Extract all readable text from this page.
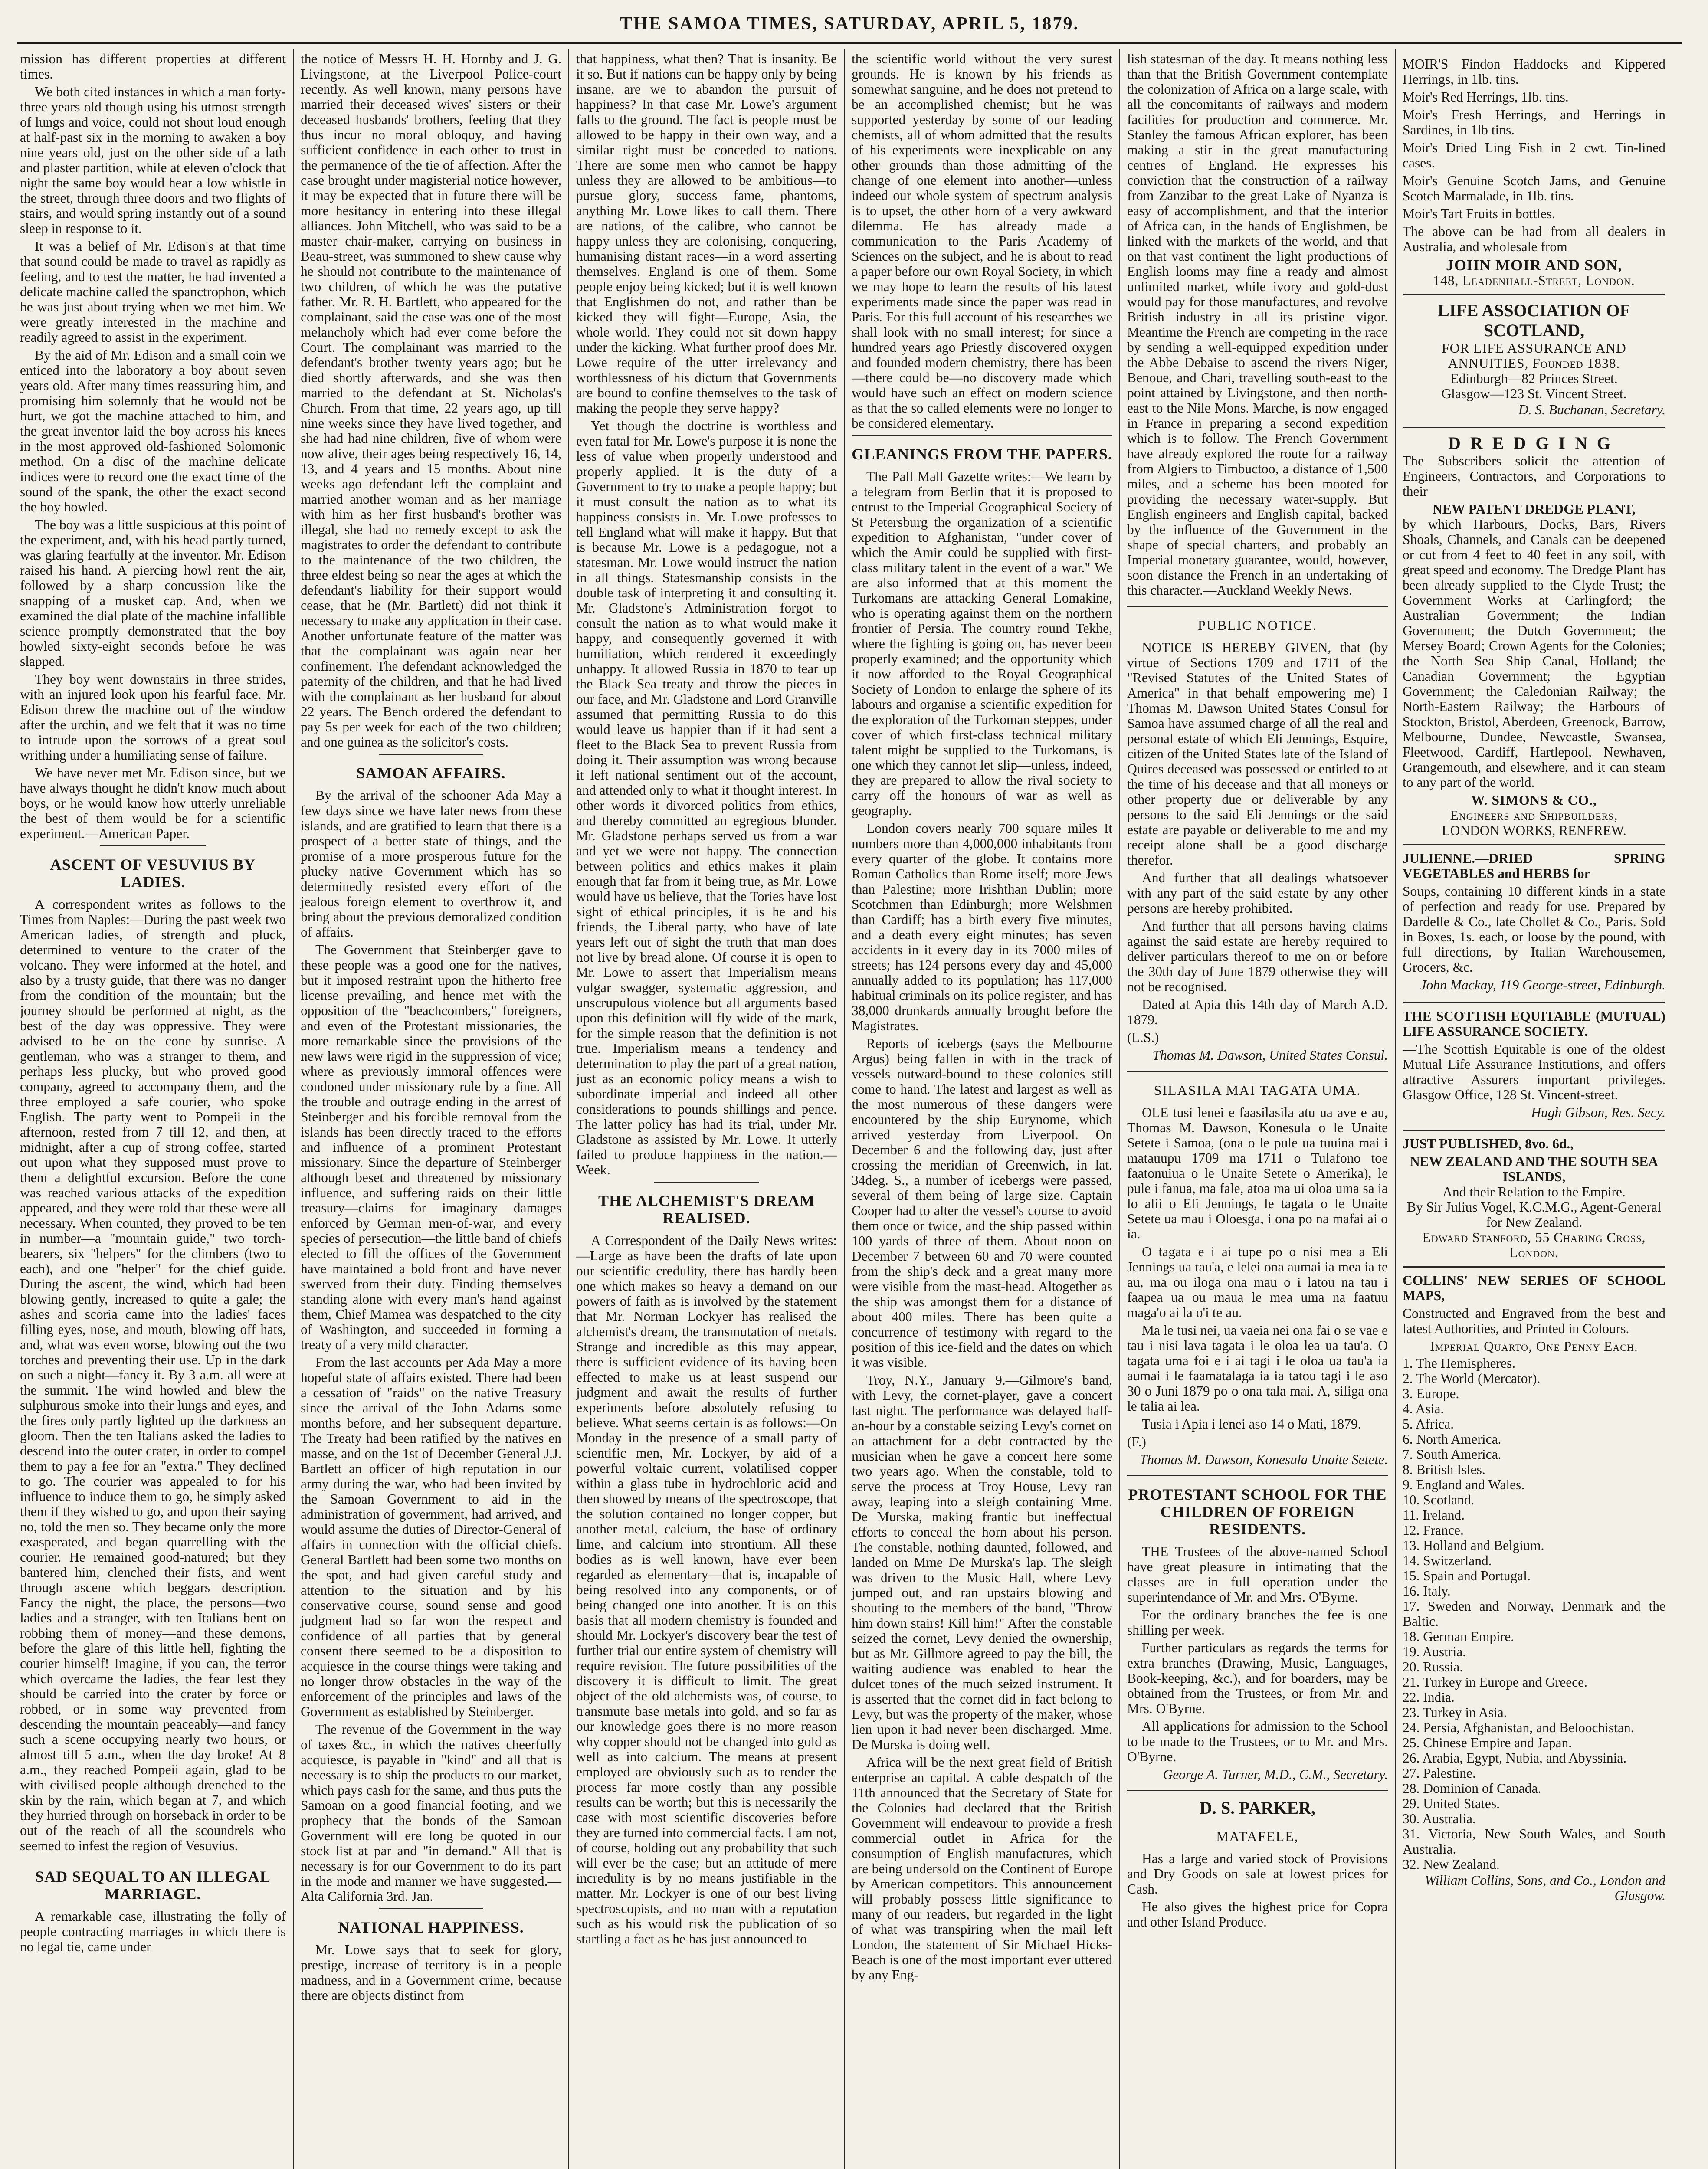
THE SAMOA TIMES, SATURDAY, APRIL 5, 1879.

mission has different properties at different times.

We both cited instances in which a man forty-three years old though using his utmost strength of lungs and voice, could not shout loud enough at half-past six in the morning to awaken a boy nine years old, just on the other side of a lath and plaster partition, while at eleven o'clock that night the same boy would hear a low whistle in the street, through three doors and two flights of stairs, and would spring instantly out of a sound sleep in response to it.

It was a belief of Mr. Edison's at that time that sound could be made to travel as rapidly as feeling, and to test the matter, he had invented a delicate machine called the spanctrophon, which he was just about trying when we met him. We were greatly interested in the machine and readily agreed to assist in the experiment.

By the aid of Mr. Edison and a small coin we enticed into the laboratory a boy about seven years old. After many times reassuring him, and promising him solemnly that he would not be hurt, we got the machine attached to him, and the great inventor laid the boy across his knees in the most approved old-fashioned Solomonic method. On a disc of the machine delicate indices were to record one the exact time of the sound of the spank, the other the exact second the boy howled.

The boy was a little suspicious at this point of the experiment, and, with his head partly turned, was glaring fearfully at the inventor. Mr. Edison raised his hand. A piercing howl rent the air, followed by a sharp concussion like the snapping of a musket cap. And, when we examined the dial plate of the machine infallible science promptly demonstrated that the boy howled sixty-eight seconds before he was slapped.

They boy went downstairs in three strides, with an injured look upon his fearful face. Mr. Edison threw the machine out of the window after the urchin, and we felt that it was no time to intrude upon the sorrows of a great soul writhing under a humiliating sense of failure.

We have never met Mr. Edison since, but we have always thought he didn't know much about boys, or he would know how utterly unreliable the best of them would be for a scientific experiment.—American Paper.

ASCENT OF VESUVIUS BY LADIES.

A correspondent writes as follows to the Times from Naples:—During the past week two American ladies, of strength and pluck, determined to venture to the crater of the volcano. They were informed at the hotel, and also by a trusty guide, that there was no danger from the condition of the mountain; but the journey should be performed at night, as the best of the day was oppressive. They were advised to be on the cone by sunrise. A gentleman, who was a stranger to them, and perhaps less plucky, but who proved good company, agreed to accompany them, and the three employed a safe courier, who spoke English. The party went to Pompeii in the afternoon, rested from 7 till 12, and then, at midnight, after a cup of strong coffee, started out upon what they supposed must prove to them a delightful excursion. Before the cone was reached various attacks of the expedition appeared, and they were told that these were all necessary. When counted, they proved to be ten in number—a "mountain guide," two torch-bearers, six "helpers" for the climbers (two to each), and one "helper" for the chief guide. During the ascent, the wind, which had been blowing gently, increased to quite a gale; the ashes and scoria came into the ladies' faces filling eyes, nose, and mouth, blowing off hats, and, what was even worse, blowing out the two torches and preventing their use. Up in the dark on such a night—fancy it. By 3 a.m. all were at the summit. The wind howled and blew the sulphurous smoke into their lungs and eyes, and the fires only partly lighted up the darkness an gloom. Then the ten Italians asked the ladies to descend into the outer crater, in order to compel them to pay a fee for an "extra." They declined to go. The courier was appealed to for his influence to induce them to go, he simply asked them if they wished to go, and upon their saying no, told the men so. They became only the more exasperated, and began quarrelling with the courier. He remained good-natured; but they bantered him, clenched their fists, and went through ascene which beggars description. Fancy the night, the place, the persons—two ladies and a stranger, with ten Italians bent on robbing them of money—and these demons, before the glare of this little hell, fighting the courier himself! Imagine, if you can, the terror which overcame the ladies, the fear lest they should be carried into the crater by force or robbed, or in some way prevented from descending the mountain peaceably—and fancy such a scene occupying nearly two hours, or almost till 5 a.m., when the day broke! At 8 a.m., they reached Pompeii again, glad to be with civilised people although drenched to the skin by the rain, which began at 7, and which they hurried through on horseback in order to be out of the reach of all the scoundrels who seemed to infest the region of Vesuvius.

SAD SEQUAL TO AN ILLEGAL MARRIAGE.

A remarkable case, illustrating the folly of people contracting marriages in which there is no legal tie, came under

the notice of Messrs H. H. Hornby and J. G. Livingstone, at the Liverpool Police-court recently. As well known, many persons have married their deceased wives' sisters or their deceased husbands' brothers, feeling that they thus incur no moral obloquy, and having sufficient confidence in each other to trust in the permanence of the tie of affection. After the case brought under magisterial notice however, it may be expected that in future there will be more hesitancy in entering into these illegal alliances. John Mitchell, who was said to be a master chair-maker, carrying on business in Beau-street, was summoned to shew cause why he should not contribute to the maintenance of two children, of which he was the putative father. Mr. R. H. Bartlett, who appeared for the complainant, said the case was one of the most melancholy which had ever come before the Court. The complainant was married to the defendant's brother twenty years ago; but he died shortly afterwards, and she was then married to the defendant at St. Nicholas's Church. From that time, 22 years ago, up till nine weeks since they have lived together, and she had had nine children, five of whom were now alive, their ages being respectively 16, 14, 13, and 4 years and 15 months. About nine weeks ago defendant left the complaint and married another woman and as her marriage with him as her first husband's brother was illegal, she had no remedy except to ask the magistrates to order the defendant to contribute to the maintenance of the two children, the three eldest being so near the ages at which the defendant's liability for their support would cease, that he (Mr. Bartlett) did not think it necessary to make any application in their case. Another unfortunate feature of the matter was that the complainant was again near her confinement. The defendant acknowledged the paternity of the children, and that he had lived with the complainant as her husband for about 22 years. The Bench ordered the defendant to pay 5s per week for each of the two children; and one guinea as the solicitor's costs.

SAMOAN AFFAIRS.

By the arrival of the schooner Ada May a few days since we have later news from these islands, and are gratified to learn that there is a prospect of a better state of things, and the promise of a more prosperous future for the plucky native Government which has so determinedly resisted every effort of the jealous foreign element to overthrow it, and bring about the previous demoralized condition of affairs.

The Government that Steinberger gave to these people was a good one for the natives, but it imposed restraint upon the hitherto free license prevailing, and hence met with the opposition of the "beachcombers," foreigners, and even of the Protestant missionaries, the more remarkable since the provisions of the new laws were rigid in the suppression of vice; where as previously immoral offences were condoned under missionary rule by a fine. All the trouble and outrage ending in the arrest of Steinberger and his forcible removal from the islands has been directly traced to the efforts and influence of a prominent Protestant missionary. Since the departure of Steinberger although beset and threatened by missionary influence, and suffering raids on their little treasury—claims for imaginary damages enforced by German men-of-war, and every species of persecution—the little band of chiefs elected to fill the offices of the Government have maintained a bold front and have never swerved from their duty. Finding themselves standing alone with every man's hand against them, Chief Mamea was despatched to the city of Washington, and succeeded in forming a treaty of a very mild character.

From the last accounts per Ada May a more hopeful state of affairs existed. There had been a cessation of "raids" on the native Treasury since the arrival of the John Adams some months before, and her subsequent departure. The Treaty had been ratified by the natives en masse, and on the 1st of December General J.J. Bartlett an officer of high reputation in our army during the war, who had been invited by the Samoan Government to aid in the administration of government, had arrived, and would assume the duties of Director-General of affairs in connection with the official chiefs. General Bartlett had been some two months on the spot, and had given careful study and attention to the situation and by his conservative course, sound sense and good judgment had so far won the respect and confidence of all parties that by general consent there seemed to be a disposition to acquiesce in the course things were taking and no longer throw obstacles in the way of the enforcement of the principles and laws of the Government as established by Steinberger.

The revenue of the Government in the way of taxes &c., in which the natives cheerfully acquiesce, is payable in "kind" and all that is necessary is to ship the products to our market, which pays cash for the same, and thus puts the Samoan on a good financial footing, and we prophecy that the bonds of the Samoan Government will ere long be quoted in our stock list at par and "in demand." All that is necessary is for our Government to do its part in the mode and manner we have suggested.—Alta California 3rd. Jan.

NATIONAL HAPPINESS.

Mr. Lowe says that to seek for glory, prestige, increase of territory is in a people madness, and in a Government crime, because there are objects distinct from

that happiness, what then? That is insanity. Be it so. But if nations can be happy only by being insane, are we to abandon the pursuit of happiness? In that case Mr. Lowe's argument falls to the ground. The fact is people must be allowed to be happy in their own way, and a similar right must be conceded to nations. There are some men who cannot be happy unless they are allowed to be ambitious—to pursue glory, success fame, phantoms, anything Mr. Lowe likes to call them. There are nations, of the calibre, who cannot be happy unless they are colonising, conquering, humanising distant races—in a word asserting themselves. England is one of them. Some people enjoy being kicked; but it is well known that Englishmen do not, and rather than be kicked they will fight—Europe, Asia, the whole world. They could not sit down happy under the kicking. What further proof does Mr. Lowe require of the utter irrelevancy and worthlessness of his dictum that Governments are bound to confine themselves to the task of making the people they serve happy?

Yet though the doctrine is worthless and even fatal for Mr. Lowe's purpose it is none the less of value when properly understood and properly applied. It is the duty of a Government to try to make a people happy; but it must consult the nation as to what its happiness consists in. Mr. Lowe professes to tell England what will make it happy. But that is because Mr. Lowe is a pedagogue, not a statesman. Mr. Lowe would instruct the nation in all things. Statesmanship consists in the double task of interpreting it and consulting it. Mr. Gladstone's Administration forgot to consult the nation as to what would make it happy, and consequently governed it with humiliation, which rendered it exceedingly unhappy. It allowed Russia in 1870 to tear up the Black Sea treaty and throw the pieces in our face, and Mr. Gladstone and Lord Granville assumed that permitting Russia to do this would leave us happier than if it had sent a fleet to the Black Sea to prevent Russia from doing it. Their assumption was wrong because it left national sentiment out of the account, and attended only to what it thought interest. In other words it divorced politics from ethics, and thereby committed an egregious blunder. Mr. Gladstone perhaps served us from a war and yet we were not happy. The connection between politics and ethics makes it plain enough that far from it being true, as Mr. Lowe would have us believe, that the Tories have lost sight of ethical principles, it is he and his friends, the Liberal party, who have of late years left out of sight the truth that man does not live by bread alone. Of course it is open to Mr. Lowe to assert that Imperialism means vulgar swagger, systematic aggression, and unscrupulous violence but all arguments based upon this definition will fly wide of the mark, for the simple reason that the definition is not true. Imperialism means a tendency and determination to play the part of a great nation, just as an economic policy means a wish to subordinate imperial and indeed all other considerations to pounds shillings and pence. The latter policy has had its trial, under Mr. Gladstone as assisted by Mr. Lowe. It utterly failed to produce happiness in the nation.—Week.

THE ALCHEMIST'S DREAM REALISED.

A Correspondent of the Daily News writes:—Large as have been the drafts of late upon our scientific credulity, there has hardly been one which makes so heavy a demand on our powers of faith as is involved by the statement that Mr. Norman Lockyer has realised the alchemist's dream, the transmutation of metals. Strange and incredible as this may appear, there is sufficient evidence of its having been effected to make us at least suspend our judgment and await the results of further experiments before absolutely refusing to believe. What seems certain is as follows:—On Monday in the presence of a small party of scientific men, Mr. Lockyer, by aid of a powerful voltaic current, volatilised copper within a glass tube in hydrochloric acid and then showed by means of the spectroscope, that the solution contained no longer copper, but another metal, calcium, the base of ordinary lime, and calcium into strontium. All these bodies as is well known, have ever been regarded as elementary—that is, incapable of being resolved into any components, or of being changed one into another. It is on this basis that all modern chemistry is founded and should Mr. Lockyer's discovery bear the test of further trial our entire system of chemistry will require revision. The future possibilities of the discovery it is difficult to limit. The great object of the old alchemists was, of course, to transmute base metals into gold, and so far as our knowledge goes there is no more reason why copper should not be changed into gold as well as into calcium. The means at present employed are obviously such as to render the process far more costly than any possible results can be worth; but this is necessarily the case with most scientific discoveries before they are turned into commercial facts. I am not, of course, holding out any probability that such will ever be the case; but an attitude of mere incredulity is by no means justifiable in the matter. Mr. Lockyer is one of our best living spectroscopists, and no man with a reputation such as his would risk the publication of so startling a fact as he has just announced to

the scientific world without the very surest grounds. He is known by his friends as somewhat sanguine, and he does not pretend to be an accomplished chemist; but he was supported yesterday by some of our leading chemists, all of whom admitted that the results of his experiments were inexplicable on any other grounds than those admitting of the change of one element into another—unless indeed our whole system of spectrum analysis is to upset, the other horn of a very awkward dilemma. He has already made a communication to the Paris Academy of Sciences on the subject, and he is about to read a paper before our own Royal Society, in which we may hope to learn the results of his latest experiments made since the paper was read in Paris. For this full account of his researches we shall look with no small interest; for since a hundred years ago Priestly discovered oxygen and founded modern chemistry, there has been—there could be—no discovery made which would have such an effect on modern science as that the so called elements were no longer to be considered elementary.

GLEANINGS FROM THE PAPERS.

The Pall Mall Gazette writes:—We learn by a telegram from Berlin that it is proposed to entrust to the Imperial Geographical Society of St Petersburg the organization of a scientific expedition to Afghanistan, "under cover of which the Amir could be supplied with first-class military talent in the event of a war." We are also informed that at this moment the Turkomans are attacking General Lomakine, who is operating against them on the northern frontier of Persia. The country round Tekhe, where the fighting is going on, has never been properly examined; and the opportunity which it now afforded to the Royal Geographical Society of London to enlarge the sphere of its labours and organise a scientific expedition for the exploration of the Turkoman steppes, under cover of which first-class technical military talent might be supplied to the Turkomans, is one which they cannot let slip—unless, indeed, they are prepared to allow the rival society to carry off the honours of war as well as geography.

London covers nearly 700 square miles It numbers more than 4,000,000 inhabitants from every quarter of the globe. It contains more Roman Catholics than Rome itself; more Jews than Palestine; more Irishthan Dublin; more Scotchmen than Edinburgh; more Welshmen than Cardiff; has a birth every five minutes, and a death every eight minutes; has seven accidents in it every day in its 7000 miles of streets; has 124 persons every day and 45,000 annually added to its population; has 117,000 habitual criminals on its police register, and has 38,000 drunkards annually brought before the Magistrates.

Reports of icebergs (says the Melbourne Argus) being fallen in with in the track of vessels outward-bound to these colonies still come to hand. The latest and largest as well as the most numerous of these dangers were encountered by the ship Eurynome, which arrived yesterday from Liverpool. On December 6 and the following day, just after crossing the meridian of Greenwich, in lat. 34deg. S., a number of icebergs were passed, several of them being of large size. Captain Cooper had to alter the vessel's course to avoid them once or twice, and the ship passed within 100 yards of three of them. About noon on December 7 between 60 and 70 were counted from the ship's deck and a great many more were visible from the mast-head. Altogether as the ship was amongst them for a distance of about 400 miles. There has been quite a concurrence of testimony with regard to the position of this ice-field and the dates on which it was visible.

Troy, N.Y., January 9.—Gilmore's band, with Levy, the cornet-player, gave a concert last night. The performance was delayed half-an-hour by a constable seizing Levy's cornet on an attachment for a debt contracted by the musician when he gave a concert here some two years ago. When the constable, told to serve the process at Troy House, Levy ran away, leaping into a sleigh containing Mme. De Murska, making frantic but ineffectual efforts to conceal the horn about his person. The constable, nothing daunted, followed, and landed on Mme De Murska's lap. The sleigh was driven to the Music Hall, where Levy jumped out, and ran upstairs blowing and shouting to the members of the band, "Throw him down stairs! Kill him!" After the constable seized the cornet, Levy denied the ownership, but as Mr. Gillmore agreed to pay the bill, the waiting audience was enabled to hear the dulcet tones of the much seized instrument. It is asserted that the cornet did in fact belong to Levy, but was the property of the maker, whose lien upon it had never been discharged. Mme. De Murska is doing well.

Africa will be the next great field of British enterprise an capital. A cable despatch of the 11th announced that the Secretary of State for the Colonies had declared that the British Government will endeavour to provide a fresh commercial outlet in Africa for the consumption of English manufactures, which are being undersold on the Continent of Europe by American competitors. This announcement will probably possess little significance to many of our readers, but regarded in the light of what was transpiring when the mail left London, the statement of Sir Michael Hicks-Beach is one of the most important ever uttered by any Eng-

lish statesman of the day. It means nothing less than that the British Government contemplate the colonization of Africa on a large scale, with all the concomitants of railways and modern facilities for production and commerce. Mr. Stanley the famous African explorer, has been making a stir in the great manufacturing centres of England. He expresses his conviction that the construction of a railway from Zanzibar to the great Lake of Nyanza is easy of accomplishment, and that the interior of Africa can, in the hands of Englishmen, be linked with the markets of the world, and that on that vast continent the light productions of English looms may fine a ready and almost unlimited market, while ivory and gold-dust would pay for those manufactures, and revolve British industry in all its pristine vigor. Meantime the French are competing in the race by sending a well-equipped expedition under the Abbe Debaise to ascend the rivers Niger, Benoue, and Chari, travelling south-east to the point attained by Livingstone, and then north-east to the Nile Mons. Marche, is now engaged in France in preparing a second expedition which is to follow. The French Government have already explored the route for a railway from Algiers to Timbuctoo, a distance of 1,500 miles, and a scheme has been mooted for providing the necessary water-supply. But English engineers and English capital, backed by the influence of the Government in the shape of special charters, and probably an Imperial monetary guarantee, would, however, soon distance the French in an undertaking of this character.—Auckland Weekly News.

PUBLIC NOTICE.

NOTICE IS HEREBY GIVEN, that (by virtue of Sections 1709 and 1711 of the "Revised Statutes of the United States of America" in that behalf empowering me) I Thomas M. Dawson United States Consul for Samoa have assumed charge of all the real and personal estate of which Eli Jennings, Esquire, citizen of the United States late of the Island of Quires deceased was possessed or entitled to at the time of his decease and that all moneys or other property due or deliverable by any persons to the said Eli Jennings or the said estate are payable or deliverable to me and my receipt alone shall be a good discharge therefor.

And further that all dealings whatsoever with any part of the said estate by any other persons are hereby prohibited.

And further that all persons having claims against the said estate are hereby required to deliver particulars thereof to me on or before the 30th day of June 1879 otherwise they will not be recognised.

Dated at Apia this 14th day of March A.D. 1879.

(L.S.)

Thomas M. Dawson, United States Consul.
SILASILA MAI TAGATA UMA.

OLE tusi lenei e faasilasila atu ua ave e au, Thomas M. Dawson, Konesula o le Unaite Setete i Samoa, (ona o le pule ua tuuina mai i matauupu 1709 ma 1711 o Tulafono toe faatonuiua o le Unaite Setete o Amerika), le pule i fanua, ma fale, atoa ma ui oloa uma sa ia lo alii o Eli Jennings, le tagata o le Unaite Setete ua mau i Oloesga, i ona po na mafai ai o ia.

O tagata e i ai tupe po o nisi mea a Eli Jennings ua tau'a, e lelei ona aumai ia mea ia te au, ma ou iloga ona mau o i latou na tau i faapea ua ou maua le mea uma na faatuu maga'o ai la o'i te au.

Ma le tusi nei, ua vaeia nei ona fai o se vae e tau i nisi lava tagata i le oloa lea ua tau'a. O tagata uma foi e i ai tagi i le oloa ua tau'a ia aumai i le faamatalaga ia ia tatou tagi i le aso 30 o Juni 1879 po o ona tala mai. A, siliga ona le talia ai lea.

Tusia i Apia i lenei aso 14 o Mati, 1879.

(F.)

Thomas M. Dawson, Konesula Unaite Setete.
PROTESTANT SCHOOL FOR THE CHILDREN OF FOREIGN RESIDENTS.

THE Trustees of the above-named School have great pleasure in intimating that the classes are in full operation under the superintendance of Mr. and Mrs. O'Byrne.

For the ordinary branches the fee is one shilling per week.

Further particulars as regards the terms for extra branches (Drawing, Music, Languages, Book-keeping, &c.), and for boarders, may be obtained from the Trustees, or from Mr. and Mrs. O'Byrne.

All applications for admission to the School to be made to the Trustees, or to Mr. and Mrs. O'Byrne.

George A. Turner, M.D., C.M., Secretary.
D. S. PARKER,
MATAFELE,

Has a large and varied stock of Provisions and Dry Goods on sale at lowest prices for Cash.

He also gives the highest price for Copra and other Island Produce.

MOIR'S Findon Haddocks and Kippered Herrings, in 1lb. tins.

Moir's Red Herrings, 1lb. tins.

Moir's Fresh Herrings, and Herrings in Sardines, in 1lb tins.

Moir's Dried Ling Fish in 2 cwt. Tin-lined cases.

Moir's Genuine Scotch Jams, and Genuine Scotch Marmalade, in 1lb. tins.

Moir's Tart Fruits in bottles.

The above can be had from all dealers in Australia, and wholesale from

JOHN MOIR AND SON,
148, Leadenhall-Street, London.
LIFE ASSOCIATION OF SCOTLAND,
FOR LIFE ASSURANCE AND ANNUITIES, Founded 1838.
Edinburgh—82 Princes Street.
Glasgow—123 St. Vincent Street.
D. S. Buchanan, Secretary.
DREDGING

The Subscribers solicit the attention of Engineers, Contractors, and Corporations to their

NEW PATENT DREDGE PLANT,

by which Harbours, Docks, Bars, Rivers Shoals, Channels, and Canals can be deepened or cut from 4 feet to 40 feet in any soil, with great speed and economy. The Dredge Plant has been already supplied to the Clyde Trust; the Government Works at Carlingford; the Australian Government; the Indian Government; the Dutch Government; the Mersey Board; Crown Agents for the Colonies; the North Sea Ship Canal, Holland; the Canadian Government; the Egyptian Government; the Caledonian Railway; the North-Eastern Railway; the Harbours of Stockton, Bristol, Aberdeen, Greenock, Barrow, Melbourne, Dundee, Newcastle, Swansea, Fleetwood, Cardiff, Hartlepool, Newhaven, Grangemouth, and elsewhere, and it can steam to any part of the world.

W. SIMONS & CO.,
Engineers and Shipbuilders,
LONDON WORKS, RENFREW.

JULIENNE.—DRIED SPRING VEGETABLES and HERBS for

Soups, containing 10 different kinds in a state of perfection and ready for use. Prepared by Dardelle & Co., late Chollet & Co., Paris. Sold in Boxes, 1s. each, or loose by the pound, with full directions, by Italian Warehousemen, Grocers, &c.

John Mackay, 119 George-street, Edinburgh.

THE SCOTTISH EQUITABLE (MUTUAL) LIFE ASSURANCE SOCIETY.

—The Scottish Equitable is one of the oldest Mutual Life Assurance Institutions, and offers attractive Assurers important privileges. Glasgow Office, 128 St. Vincent-street.

Hugh Gibson, Res. Secy.

JUST PUBLISHED, 8vo. 6d.,

NEW ZEALAND AND THE SOUTH SEA ISLANDS,
And their Relation to the Empire.
By Sir Julius Vogel, K.C.M.G., Agent-General for New Zealand.
Edward Stanford, 55 Charing Cross, London.

COLLINS' NEW SERIES OF SCHOOL MAPS,

Constructed and Engraved from the best and latest Authorities, and Printed in Colours.

Imperial Quarto, One Penny Each.
1. The Hemispheres.
2. The World (Mercator).
3. Europe.
4. Asia.
5. Africa.
6. North America.
7. South America.
8. British Isles.
9. England and Wales.
10. Scotland.
11. Ireland.
12. France.
13. Holland and Belgium.
14. Switzerland.
15. Spain and Portugal.
16. Italy.
17. Sweden and Norway, Denmark and the Baltic.
18. German Empire.
19. Austria.
20. Russia.
21. Turkey in Europe and Greece.
22. India.
23. Turkey in Asia.
24. Persia, Afghanistan, and Beloochistan.
25. Chinese Empire and Japan.
26. Arabia, Egypt, Nubia, and Abyssinia.
27. Palestine.
28. Dominion of Canada.
29. United States.
30. Australia.
31. Victoria, New South Wales, and South Australia.
32. New Zealand.
William Collins, Sons, and Co., London and Glasgow.
